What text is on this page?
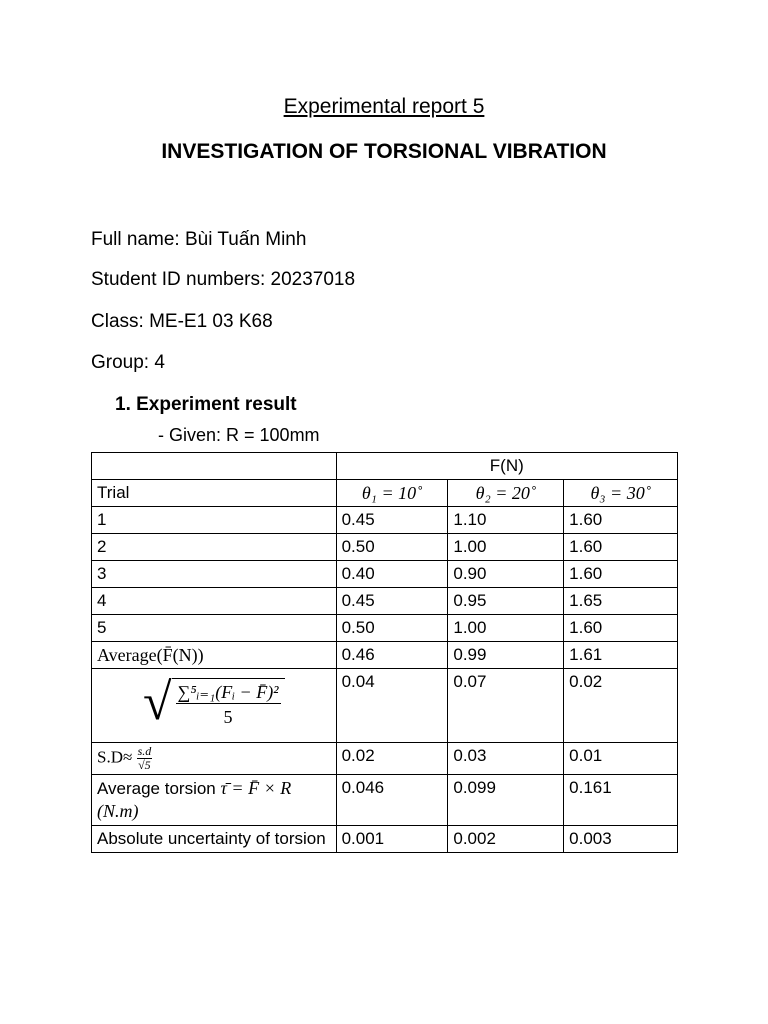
Experimental report 5
INVESTIGATION OF TORSIONAL VIBRATION
Full name: Bùi Tuấn Minh
Student ID numbers: 20237018
Class: ME-E1 03 K68
Group: 4
1. Experiment result
- Given: R = 100mm
	F(N)		
Trial	θ₁ = 10˚	θ₂ = 20˚	θ₃ = 30˚
1	0.45	1.10	1.60
2	0.50	1.00	1.60
3	0.40	0.90	1.60
4	0.45	0.95	1.65
5	0.50	1.00	1.60
Average(F̄(N))	0.46	0.99	1.61

√ $\frac{\text{∑⁵ᵢ₌₁(Fᵢ − F̄)²}}{5}$	0.04	0.07	0.02
$S.D\approx \frac{s.d}{√5}$	0.02	0.03	0.01
Average torsion τ̄ = F̄ × R (N.m)	0.046	0.099	0.161
Absolute uncertainty of torsion	0.001	0.002	0.003
